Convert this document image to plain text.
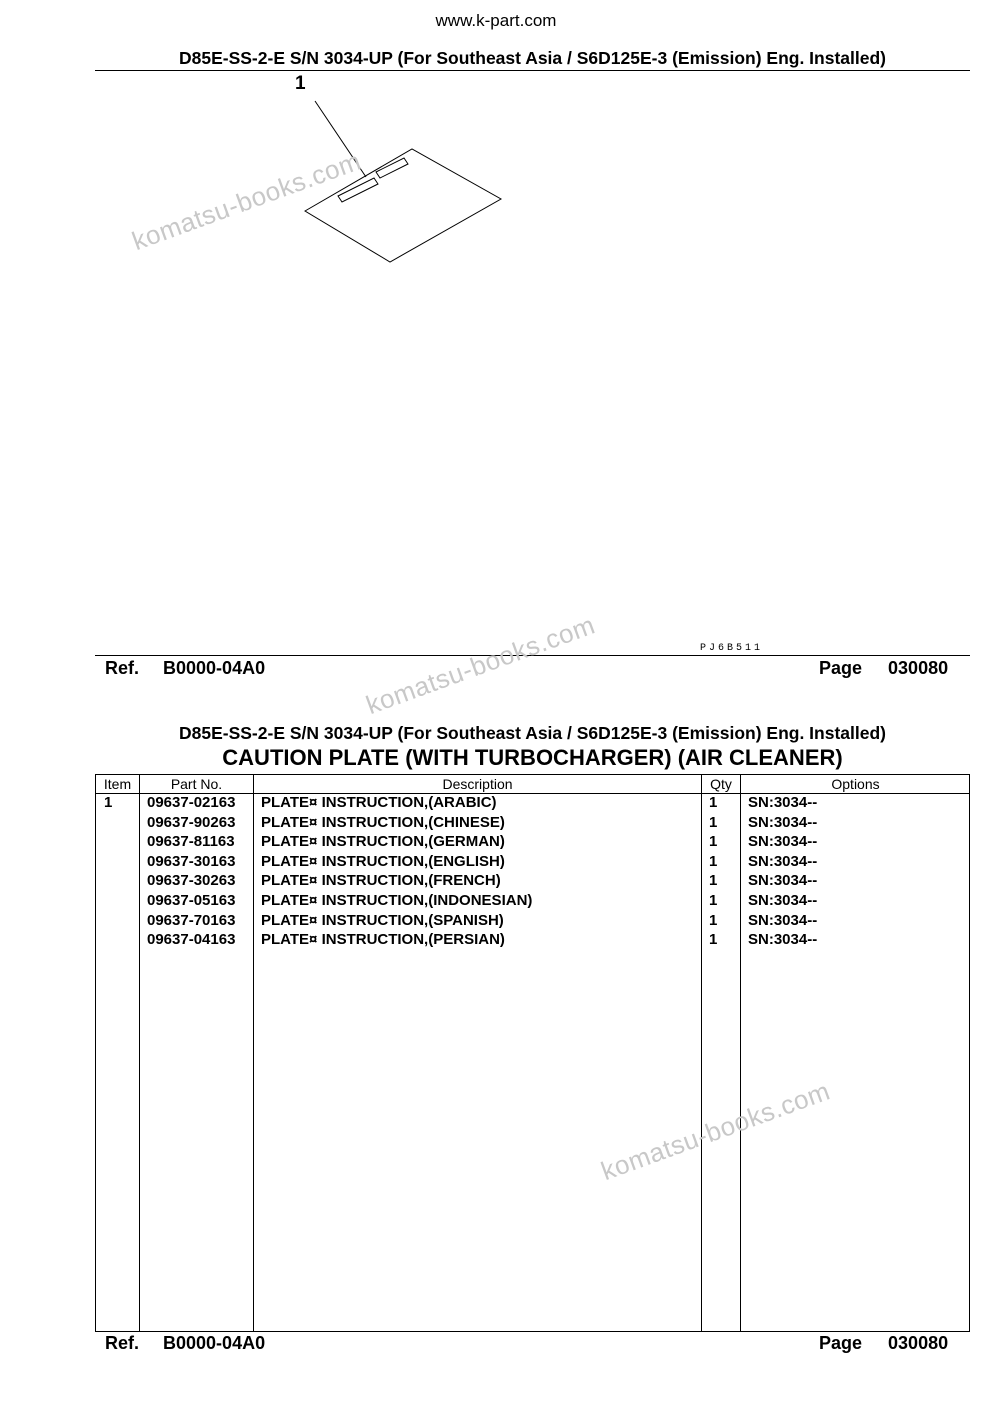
www.k-part.com
D85E-SS-2-E S/N 3034-UP (For Southeast Asia / S6D125E-3 (Emission) Eng. Installed)
1
PJ6B511
Ref. B0000-04A0	Page 030080
D85E-SS-2-E S/N 3034-UP (For Southeast Asia / S6D125E-3 (Emission) Eng. Installed)
CAUTION PLATE (WITH TURBOCHARGER) (AIR CLEANER)
Item	Part No.	Description	Qty	Options
1 09637-02163 PLATE¤ INSTRUCTION,(ARABIC)	1 SN:3034--
09637-90263 PLATE¤ INSTRUCTION,(CHINESE)	1 SN:3034--
09637-81163 PLATE¤ INSTRUCTION,(GERMAN)	1 SN:3034--
09637-30163 PLATE¤ INSTRUCTION,(ENGLISH)	1 SN:3034--
09637-30263 PLATE¤ INSTRUCTION,(FRENCH)	1 SN:3034--
09637-05163 PLATE¤ INSTRUCTION,(INDONESIAN)	1 SN:3034--
09637-70163 PLATE¤ INSTRUCTION,(SPANISH)	1 SN:3034--
09637-04163 PLATE¤ INSTRUCTION,(PERSIAN)	1 SN:3034--
Ref. B0000-04A0	Page 030080
komatsu-books.com
komatsu-books.com
komatsu-books.com
